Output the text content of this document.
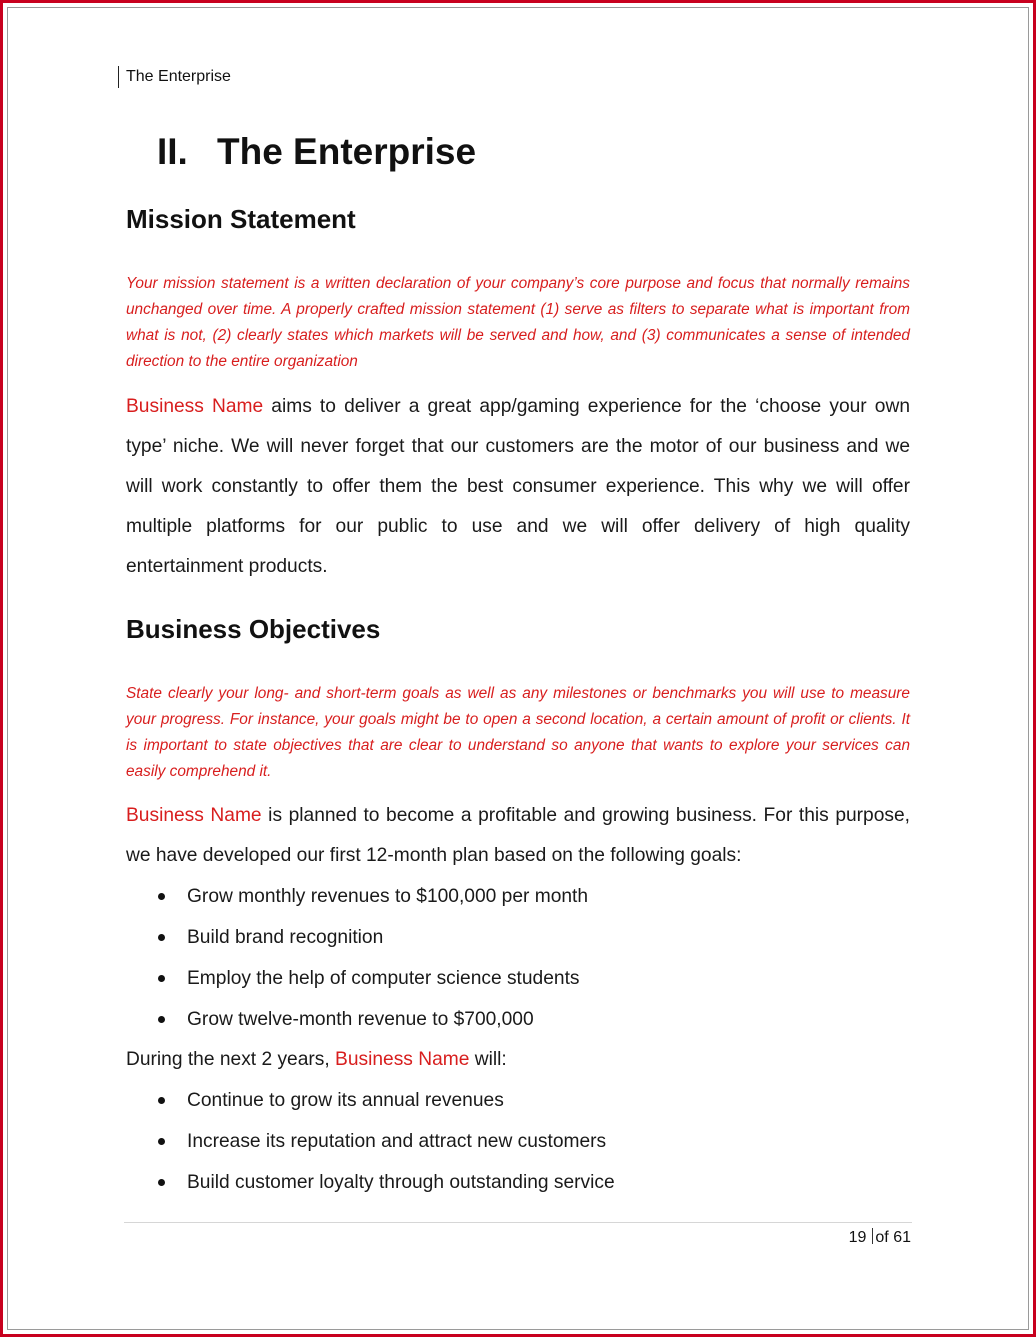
The Enterprise
II. The Enterprise
Mission Statement

Your mission statement is a written declaration of your company’s core purpose and focus that normally remains unchanged over time. A properly crafted mission statement (1) serve as filters to separate what is important from what is not, (2) clearly states which markets will be served and how, and (3) communicates a sense of intended direction to the entire organization

Business Name aims to deliver a great app/gaming experience for the ‘choose your own type’ niche. We will never forget that our customers are the motor of our business and we will work constantly to offer them the best consumer experience. This why we will offer multiple platforms for our public to use and we will offer delivery of high quality entertainment products.

Business Objectives

State clearly your long- and short-term goals as well as any milestones or benchmarks you will use to measure your progress. For instance, your goals might be to open a second location, a certain amount of profit or clients. It is important to state objectives that are clear to understand so anyone that wants to explore your services can easily comprehend it.

Business Name is planned to become a profitable and growing business. For this purpose, we have developed our first 12-month plan based on the following goals:

Grow monthly revenues to $100,000 per month
Build brand recognition
Employ the help of computer science students
Grow twelve-month revenue to $700,000

During the next 2 years, Business Name will:

Continue to grow its annual revenues
Increase its reputation and attract new customers
Build customer loyalty through outstanding service
19 of 61
